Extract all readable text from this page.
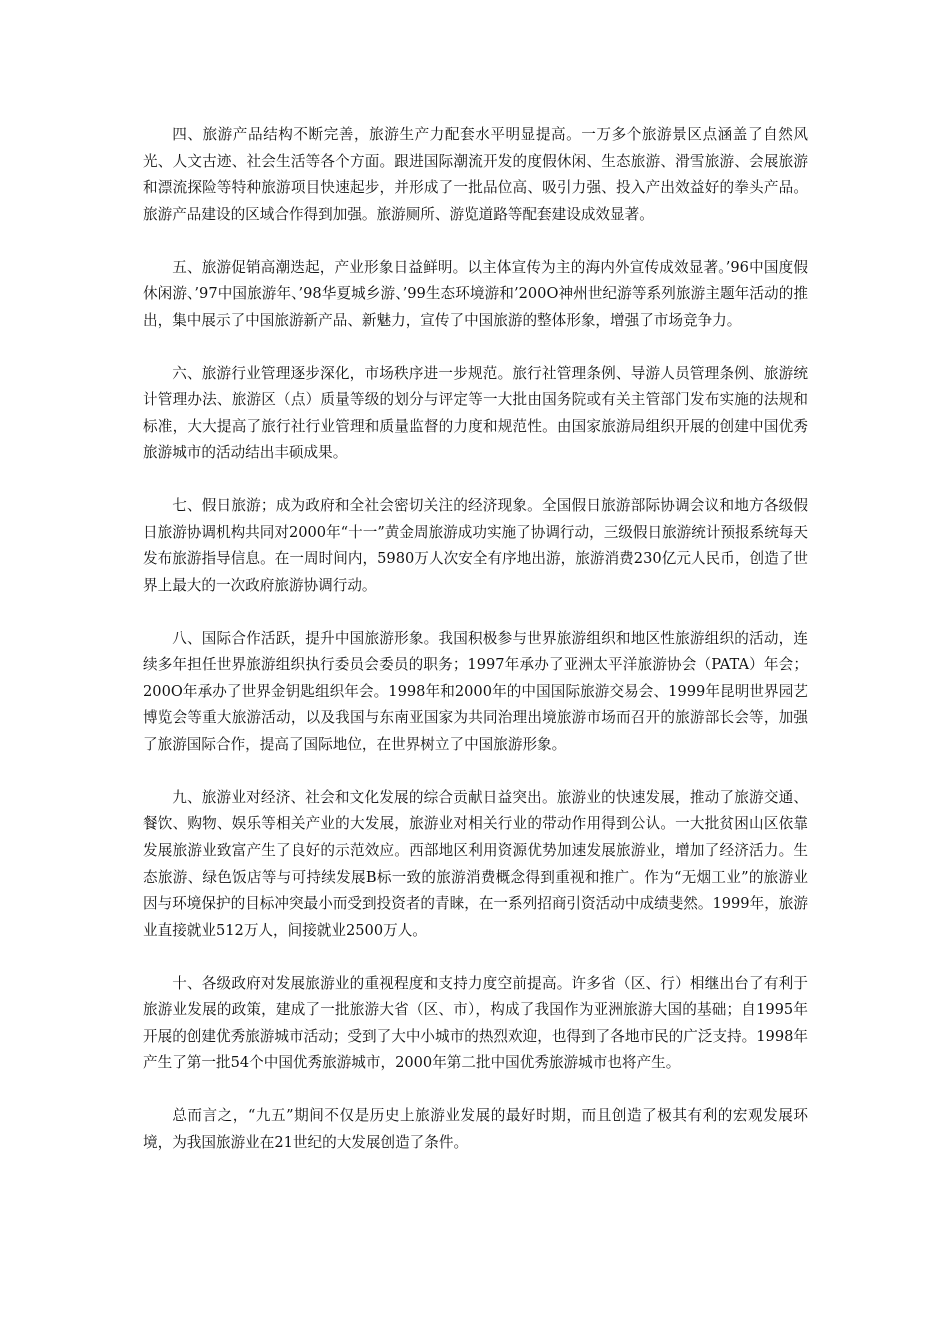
四、旅游产品结构不断完善，旅游生产力配套水平明显提高。一万多个旅游景区点涵盖了自然风光、人文古迹、社会生活等各个方面。跟进国际潮流开发的度假休闲、生态旅游、滑雪旅游、会展旅游和漂流探险等特种旅游项目快速起步，并形成了一批品位高、吸引力强、投入产出效益好的拳头产品。旅游产品建设的区域合作得到加强。旅游厕所、游览道路等配套建设成效显著。

五、旅游促销高潮迭起，产业形象日益鲜明。以主体宣传为主的海内外宣传成效显著。’96中国度假休闲游、’97中国旅游年、’98华夏城乡游、’99生态环境游和’200O神州世纪游等系列旅游主题年活动的推出，集中展示了中国旅游新产品、新魅力，宣传了中国旅游的整体形象，增强了市场竞争力。

六、旅游行业管理逐步深化，市场秩序进一步规范。旅行社管理条例、导游人员管理条例、旅游统计管理办法、旅游区（点）质量等级的划分与评定等一大批由国务院或有关主管部门发布实施的法规和标准，大大提高了旅行社行业管理和质量监督的力度和规范性。由国家旅游局组织开展的创建中国优秀旅游城市的活动结出丰硕成果。

七、假日旅游；成为政府和全社会密切关注的经济现象。全国假日旅游部际协调会议和地方各级假日旅游协调机构共同对2000年“十一”黄金周旅游成功实施了协调行动，三级假日旅游统计预报系统每天发布旅游指导信息。在一周时间内，5980万人次安全有序地出游，旅游消费230亿元人民币，创造了世界上最大的一次政府旅游协调行动。

八、国际合作活跃，提升中国旅游形象。我国积极参与世界旅游组织和地区性旅游组织的活动，连续多年担任世界旅游组织执行委员会委员的职务；1997年承办了亚洲太平洋旅游协会（PATA）年会；200O年承办了世界金钥匙组织年会。1998年和2000年的中国国际旅游交易会、1999年昆明世界园艺博览会等重大旅游活动，以及我国与东南亚国家为共同治理出境旅游市场而召开的旅游部长会等，加强了旅游国际合作，提高了国际地位，在世界树立了中国旅游形象。

九、旅游业对经济、社会和文化发展的综合贡献日益突出。旅游业的快速发展，推动了旅游交通、餐饮、购物、娱乐等相关产业的大发展，旅游业对相关行业的带动作用得到公认。一大批贫困山区依靠发展旅游业致富产生了良好的示范效应。西部地区利用资源优势加速发展旅游业，增加了经济活力。生态旅游、绿色饭店等与可持续发展B标一致的旅游消费概念得到重视和推广。作为“无烟工业”的旅游业因与环境保护的目标冲突最小而受到投资者的青睐，在一系列招商引资活动中成绩斐然。1999年，旅游业直接就业512万人，间接就业2500万人。

十、各级政府对发展旅游业的重视程度和支持力度空前提高。许多省（区、行）相继出台了有利于旅游业发展的政策，建成了一批旅游大省（区、市），构成了我国作为亚洲旅游大国的基础；自1995年开展的创建优秀旅游城市活动；受到了大中小城市的热烈欢迎，也得到了各地市民的广泛支持。1998年产生了第一批54个中国优秀旅游城市，2000年第二批中国优秀旅游城市也将产生。

总而言之，“九五”期间不仅是历史上旅游业发展的最好时期，而且创造了极其有利的宏观发展环境，为我国旅游业在21世纪的大发展创造了条件。
